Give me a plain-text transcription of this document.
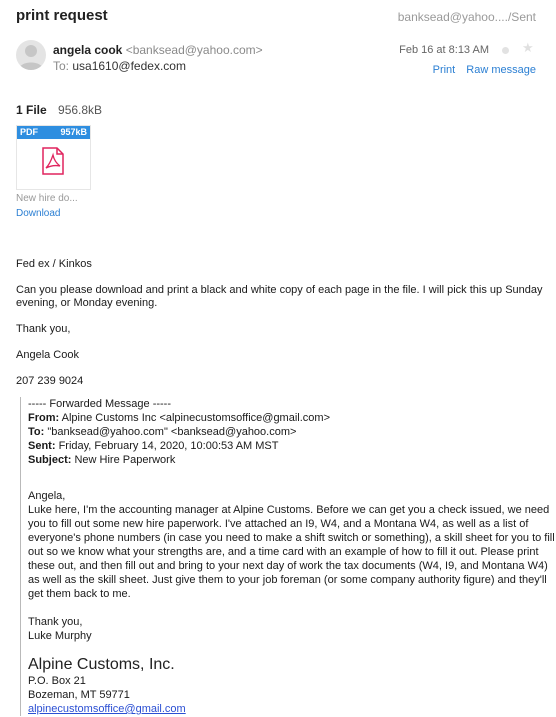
print request	banksead@yahoo..../Sent
angela cook <banksead@yahoo.com>
To: usa1610@fedex.com
Feb 16 at 8:13 AM	★
Print Raw message
1 File 956.8kB
PDF 957kB
New hire do...
Download

Fed ex / Kinkos

Can you please download and print a black and white copy of each page in the file. I will pick this up Sunday evening, or Monday evening.

Thank you,

Angela Cook

207 239 9024

----- Forwarded Message -----
From: Alpine Customs Inc <alpinecustomsoffice@gmail.com>
To: "banksead@yahoo.com" <banksead@yahoo.com>
Sent: Friday, February 14, 2020, 10:00:53 AM MST
Subject: New Hire Paperwork
Angela,
Luke here, I'm the accounting manager at Alpine Customs. Before we can get you a check issued, we need you to fill out some new hire paperwork. I've attached an I9, W4, and a Montana W4, as well as a list of everyone's phone numbers (in case you need to make a shift switch or something), a skill sheet for you to fill out so we know what your strengths are, and a time card with an example of how to fill it out. Please print these out, and then fill out and bring to your next day of work the tax documents (W4, I9, and Montana W4) as well as the skill sheet. Just give them to your job foreman (or some company authority figure) and they'll get them back to me.
Thank you,
Luke Murphy
Alpine Customs, Inc.
P.O. Box 21
Bozeman, MT 59771
alpinecustomsoffice@gmail.com
